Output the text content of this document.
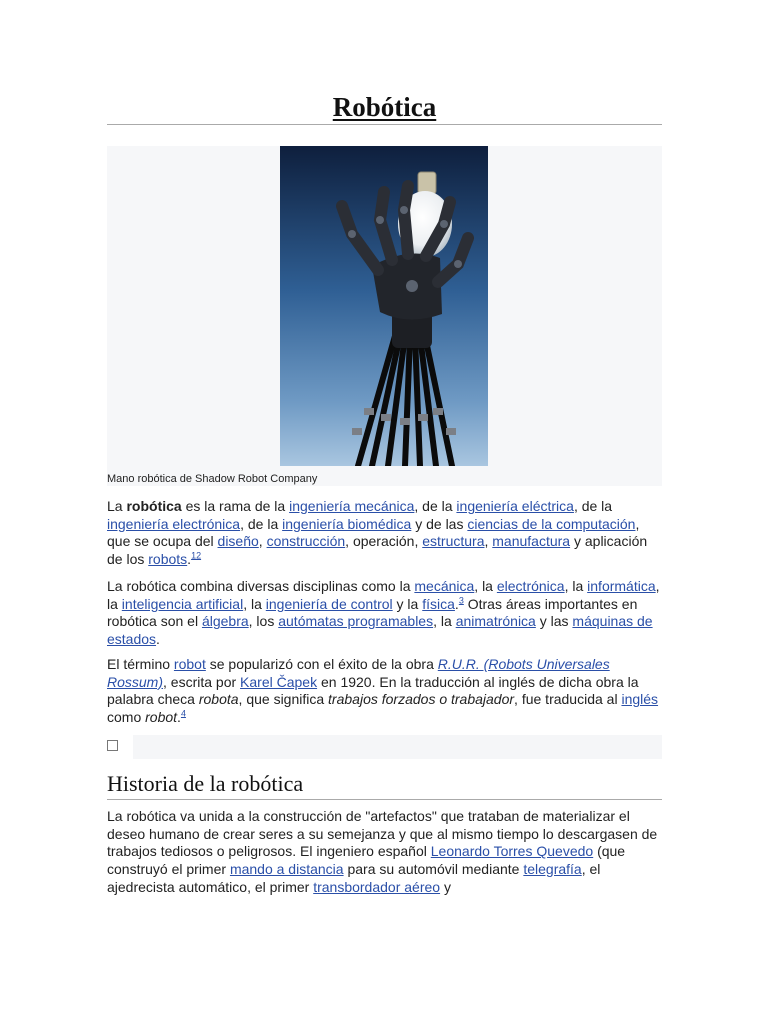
Robótica
Mano robótica de Shadow Robot Company

La robótica es la rama de la ingeniería mecánica, de la ingeniería eléctrica, de la ingeniería electrónica, de la ingeniería biomédica y de las ciencias de la computación, que se ocupa del diseño, construcción, operación, estructura, manufactura y aplicación de los robots.$^{12}$

La robótica combina diversas disciplinas como la mecánica, la electrónica, la informática, la inteligencia artificial, la ingeniería de control y la física.$^3$ Otras áreas importantes en robótica son el álgebra, los autómatas programables, la animatrónica y las máquinas de estados.

El término robot se popularizó con el éxito de la obra R.U.R. (Robots Universales Rossum), escrita por Karel Čapek en 1920. En la traducción al inglés de dicha obra la palabra checa robota, que significa trabajos forzados o trabajador, fue traducida al inglés como robot.$^4$

Historia de la robótica

La robótica va unida a la construcción de "artefactos" que trataban de materializar el deseo humano de crear seres a su semejanza y que al mismo tiempo lo descargasen de trabajos tediosos o peligrosos. El ingeniero español Leonardo Torres Quevedo (que construyó el primer mando a distancia para su automóvil mediante telegrafía, el ajedrecista automático, el primer transbordador aéreo y
